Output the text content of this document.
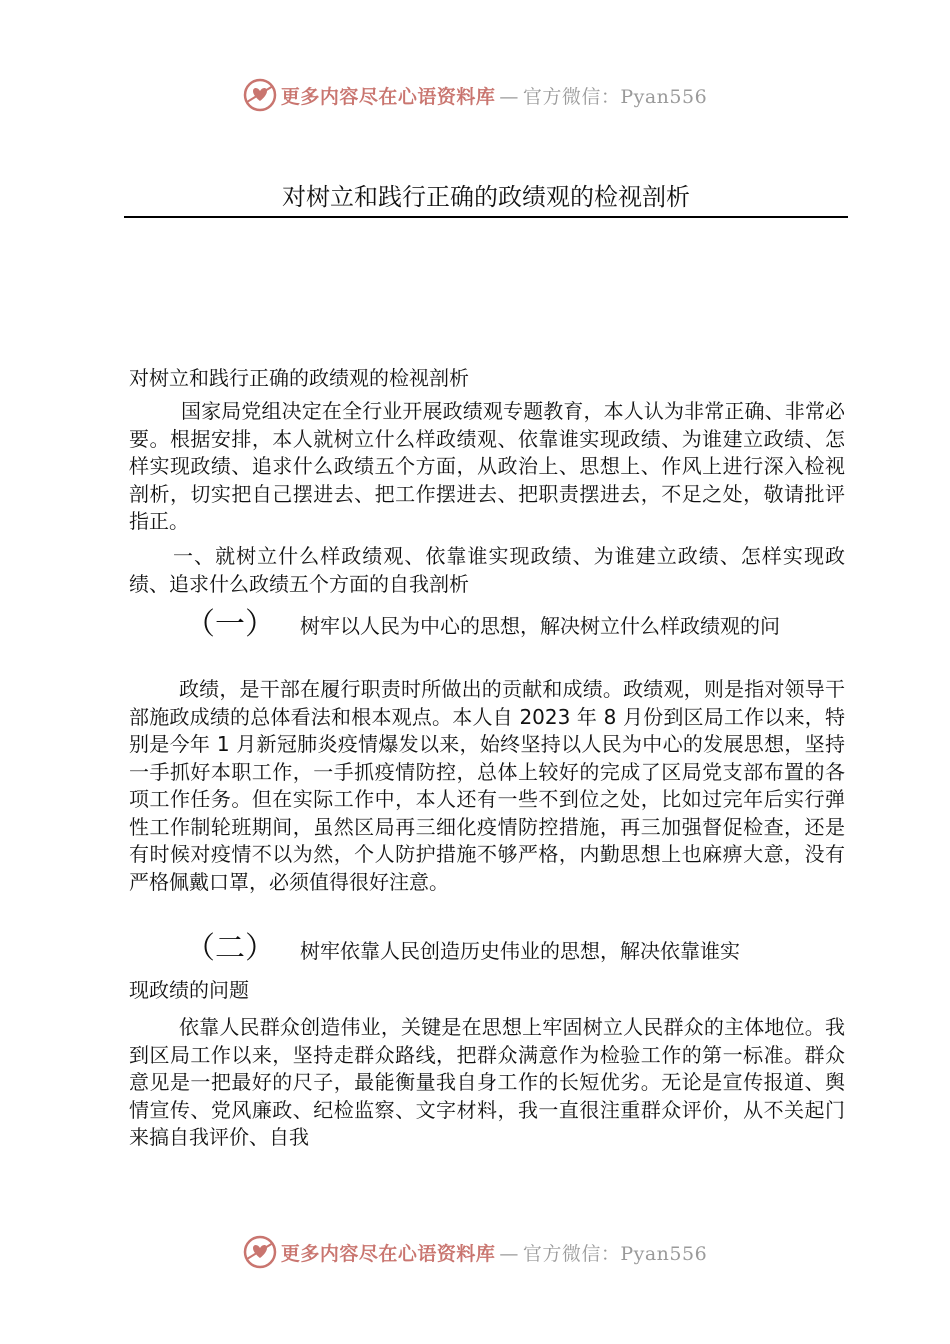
更多内容尽在心语资料库 — 官方微信：Pyan556
对树立和践行正确的政绩观的检视剖析

对树立和践行正确的政绩观的检视剖析

国家局党组决定在全行业开展政绩观专题教育，本人认为非常正确、非常必要。根据安排，本人就树立什么样政绩观、依靠谁实现政绩、为谁建立政绩、怎样实现政绩、追求什么政绩五个方面，从政治上、思想上、作风上进行深入检视剖析，切实把自己摆进去、把工作摆进去、把职责摆进去，不足之处，敬请批评指正。

一、就树立什么样政绩观、依靠谁实现政绩、为谁建立政绩、怎样实现政绩、追求什么政绩五个方面的自我剖析

（一） 树牢以人民为中心的思想，解决树立什么样政绩观的问

政绩，是干部在履行职责时所做出的贡献和成绩。政绩观，则是指对领导干部施政成绩的总体看法和根本观点。本人自 2023 年 8 月份到区局工作以来，特别是今年 1 月新冠肺炎疫情爆发以来，始终坚持以人民为中心的发展思想，坚持一手抓好本职工作，一手抓疫情防控，总体上较好的完成了区局党支部布置的各项工作任务。但在实际工作中，本人还有一些不到位之处，比如过完年后实行弹性工作制轮班期间，虽然区局再三细化疫情防控措施，再三加强督促检查，还是有时候对疫情不以为然，个人防护措施不够严格，内勤思想上也麻痹大意，没有严格佩戴口罩，必须值得很好注意。

（二） 树牢依靠人民创造历史伟业的思想，解决依靠谁实
现政绩的问题

依靠人民群众创造伟业，关键是在思想上牢固树立人民群众的主体地位。我到区局工作以来，坚持走群众路线，把群众满意作为检验工作的第一标准。群众意见是一把最好的尺子，最能衡量我自身工作的长短优劣。无论是宣传报道、舆情宣传、党风廉政、纪检监察、文字材料，我一直很注重群众评价，从不关起门来搞自我评价、自我

更多内容尽在心语资料库 — 官方微信：Pyan556
